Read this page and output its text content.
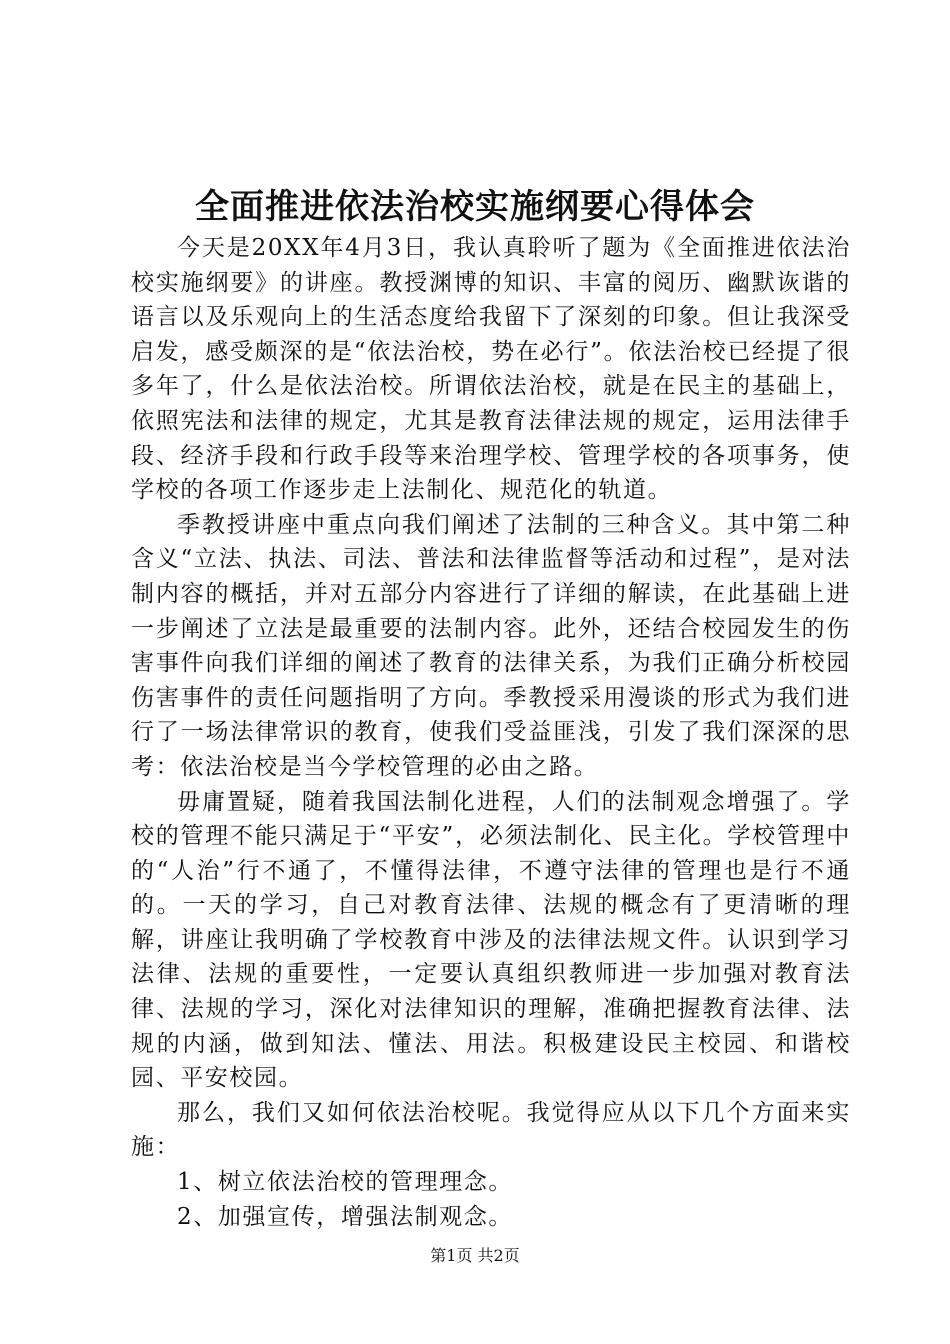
全面推进依法治校实施纲要心得体会

今天是20XX年4月3日，我认真聆听了题为《全面推进依法治校实施纲要》的讲座。教授渊博的知识、丰富的阅历、幽默诙谐的语言以及乐观向上的生活态度给我留下了深刻的印象。但让我深受启发，感受颇深的是“依法治校，势在必行”。依法治校已经提了很多年了，什么是依法治校。所谓依法治校，就是在民主的基础上，依照宪法和法律的规定，尤其是教育法律法规的规定，运用法律手段、经济手段和行政手段等来治理学校、管理学校的各项事务，使学校的各项工作逐步走上法制化、规范化的轨道。

季教授讲座中重点向我们阐述了法制的三种含义。其中第二种含义“立法、执法、司法、普法和法律监督等活动和过程”，是对法制内容的概括，并对五部分内容进行了详细的解读，在此基础上进一步阐述了立法是最重要的法制内容。此外，还结合校园发生的伤害事件向我们详细的阐述了教育的法律关系，为我们正确分析校园伤害事件的责任问题指明了方向。季教授采用漫谈的形式为我们进行了一场法律常识的教育，使我们受益匪浅，引发了我们深深的思考：依法治校是当今学校管理的必由之路。

毋庸置疑，随着我国法制化进程，人们的法制观念增强了。学校的管理不能只满足于“平安”，必须法制化、民主化。学校管理中的“人治”行不通了，不懂得法律，不遵守法律的管理也是行不通的。一天的学习，自己对教育法律、法规的概念有了更清晰的理解，讲座让我明确了学校教育中涉及的法律法规文件。认识到学习法律、法规的重要性，一定要认真组织教师进一步加强对教育法律、法规的学习，深化对法律知识的理解，准确把握教育法律、法规的内涵，做到知法、懂法、用法。积极建设民主校园、和谐校园、平安校园。

那么，我们又如何依法治校呢。我觉得应从以下几个方面来实施：

1、树立依法治校的管理理念。

2、加强宣传，增强法制观念。

第1页 共2页
